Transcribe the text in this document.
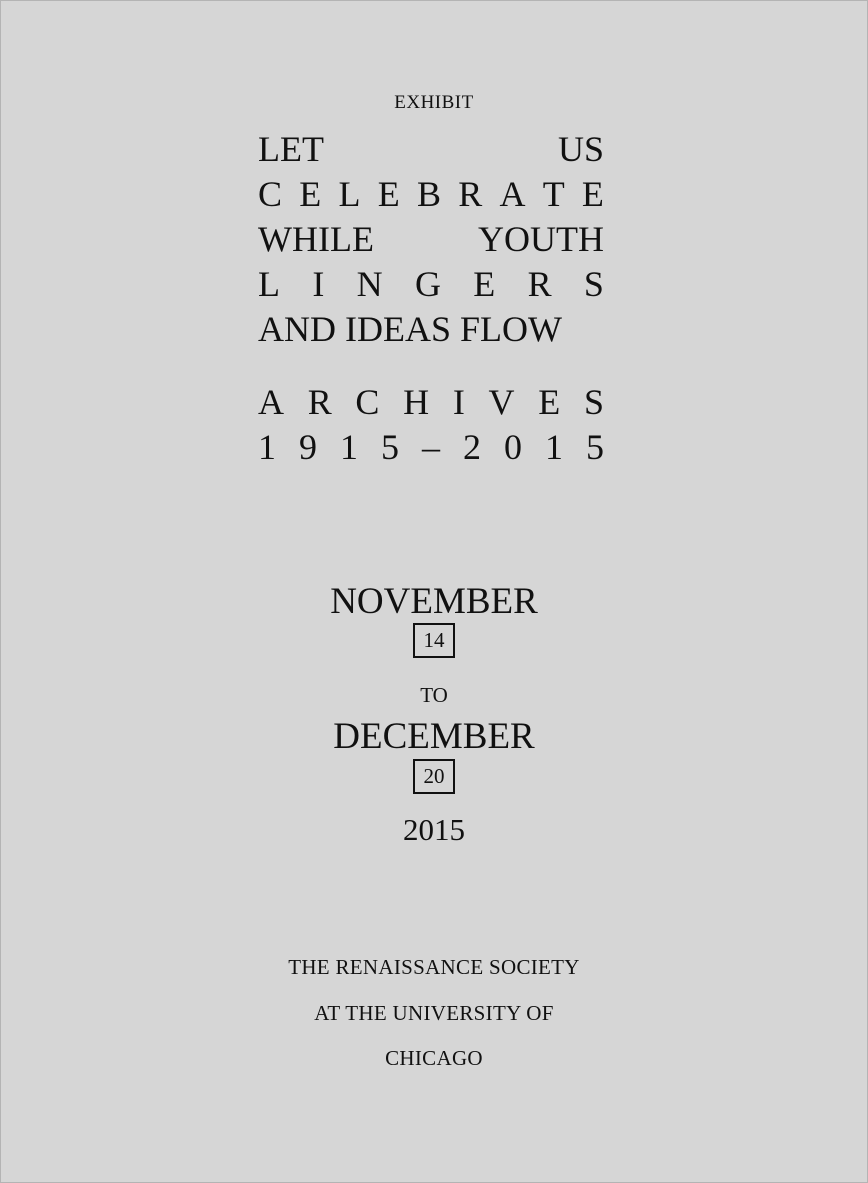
EXHIBIT
LET	US
C E L E B R A T E
WHILE	YOUTH
L I N G E R S
AND IDEAS FLOW
A R C H I V E S
1 9 1 5 – 2 0 1 5
NOVEMBER
14
TO
DECEMBER
20
2015
THE RENAISSANCE SOCIETY
AT THE UNIVERSITY OF
CHICAGO
